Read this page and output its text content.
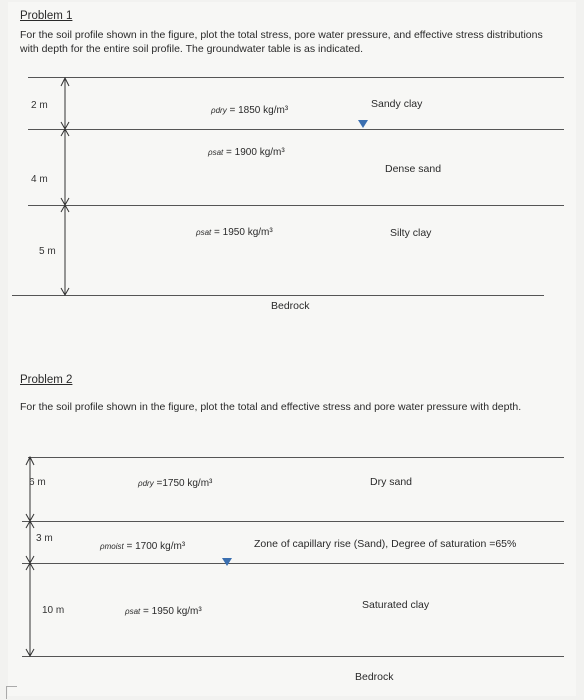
Problem 1
For the soil profile shown in the figure, plot the total stress, pore water pressure, and effective stress distributions with depth for the entire soil profile. The groundwater table is as indicated.
2 m
4 m
5 m
ρdry = 1850 kg/m³
ρsat = 1900 kg/m³
ρsat = 1950 kg/m³
Sandy clay
Dense sand
Silty clay
Bedrock
Problem 2
For the soil profile shown in the figure, plot the total and effective stress and pore water pressure with depth.
6 m
3 m
10 m
ρdry =1750 kg/m³
ρmoist = 1700 kg/m³
ρsat = 1950 kg/m³
Dry sand
Zone of capillary rise (Sand), Degree of saturation =65%
Saturated clay
Bedrock
